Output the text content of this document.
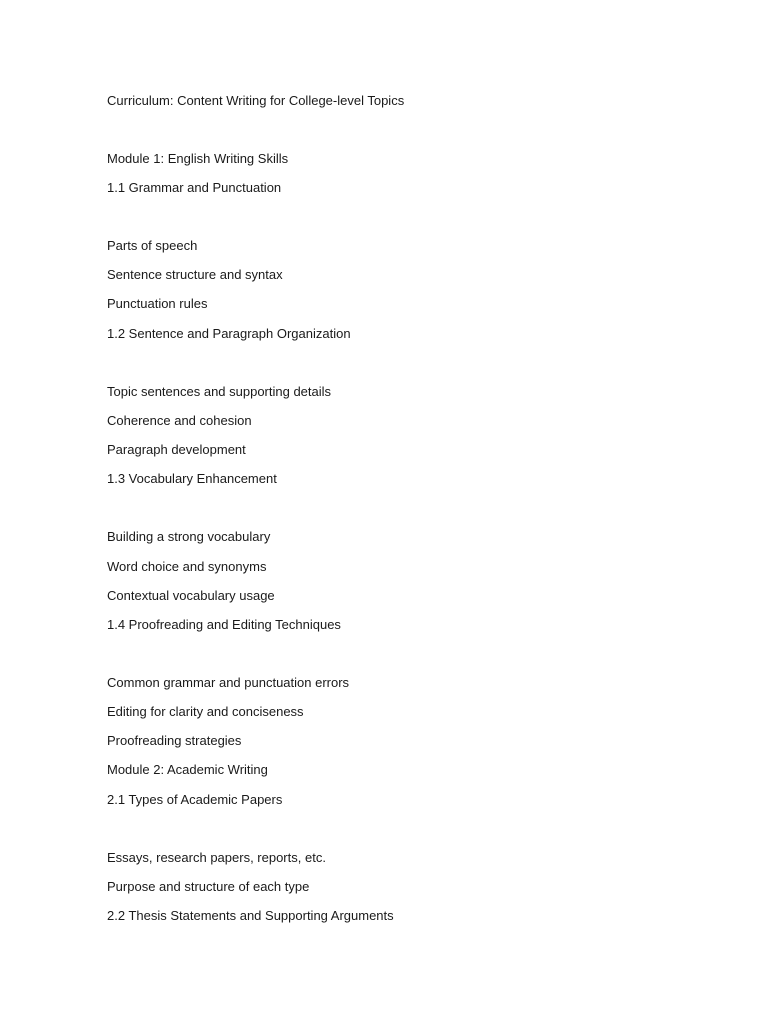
Curriculum: Content Writing for College-level Topics
Module 1: English Writing Skills
1.1 Grammar and Punctuation
Parts of speech
Sentence structure and syntax
Punctuation rules
1.2 Sentence and Paragraph Organization
Topic sentences and supporting details
Coherence and cohesion
Paragraph development
1.3 Vocabulary Enhancement
Building a strong vocabulary
Word choice and synonyms
Contextual vocabulary usage
1.4 Proofreading and Editing Techniques
Common grammar and punctuation errors
Editing for clarity and conciseness
Proofreading strategies
Module 2: Academic Writing
2.1 Types of Academic Papers
Essays, research papers, reports, etc.
Purpose and structure of each type
2.2 Thesis Statements and Supporting Arguments
